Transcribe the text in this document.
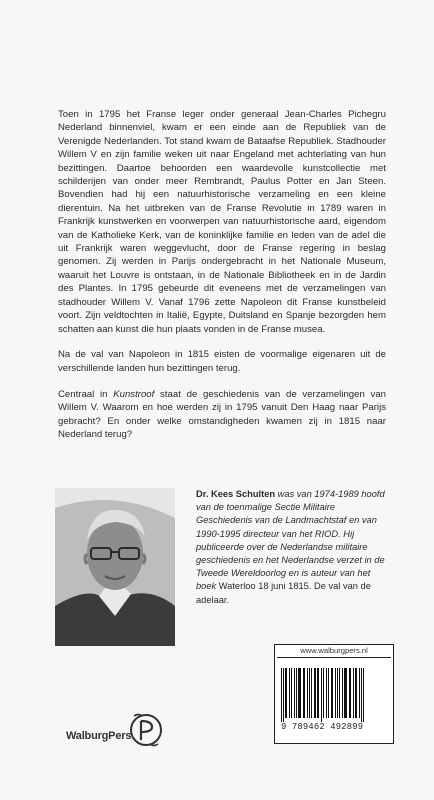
Toen in 1795 het Franse leger onder generaal Jean-Charles Pichegru Nederland binnenviel, kwam er een einde aan de Republiek van de Verenigde Nederlanden. Tot stand kwam de Bataafse Republiek. Stadhouder Willem V en zijn familie weken uit naar Engeland met achterlating van hun bezittingen. Daartoe behoorden een waardevolle kunstcollectie met schilderijen van onder meer Rembrandt, Paulus Potter en Jan Steen. Bovendien had hij een natuurhistorische verzameling en een kleine dierentuin. Na het uitbreken van de Franse Revolutie in 1789 waren in Frankrijk kunstwerken en voorwerpen van natuurhistorische aard, eigendom van de Katholieke Kerk, van de koninklijke familie en leden van de adel die uit Frankrijk waren weggevlucht, door de Franse regering in beslag genomen. Zij werden in Parijs ondergebracht in het Nationale Museum, waaruit het Louvre is ontstaan, in de Nationale Bibliotheek en in de Jardin des Plantes. In 1795 gebeurde dit eveneens met de verzamelingen van stadhouder Willem V. Vanaf 1796 zette Napoleon dit Franse kunstbeleid voort. Zijn veldtochten in Italië, Egypte, Duitsland en Spanje bezorgden hem schatten aan kunst die hun plaats vonden in de Franse musea.

Na de val van Napoleon in 1815 eisten de voormalige eigenaren uit de verschillende landen hun bezittingen terug.

Centraal in Kunstroof staat de geschiedenis van de verzamelingen van Willem V. Waarom en hoe werden zij in 1795 vanuit Den Haag naar Parijs gebracht? En onder welke omstandigheden kwamen zij in 1815 naar Nederland terug?

Dr. Kees Schulten was van 1974-1989 hoofd van de toenmalige Sectie Militaire Geschiedenis van de Landmachtstaf en van 1990-1995 directeur van het RIOD. Hij publiceerde over de Nederlandse militaire geschiedenis en het Nederlandse verzet in de Tweede Wereldoorlog en is auteur van het boek Waterloo 18 juni 1815. De val van de adelaar.
www.walburgpers.nl
9 789462 492899
WalburgPers
